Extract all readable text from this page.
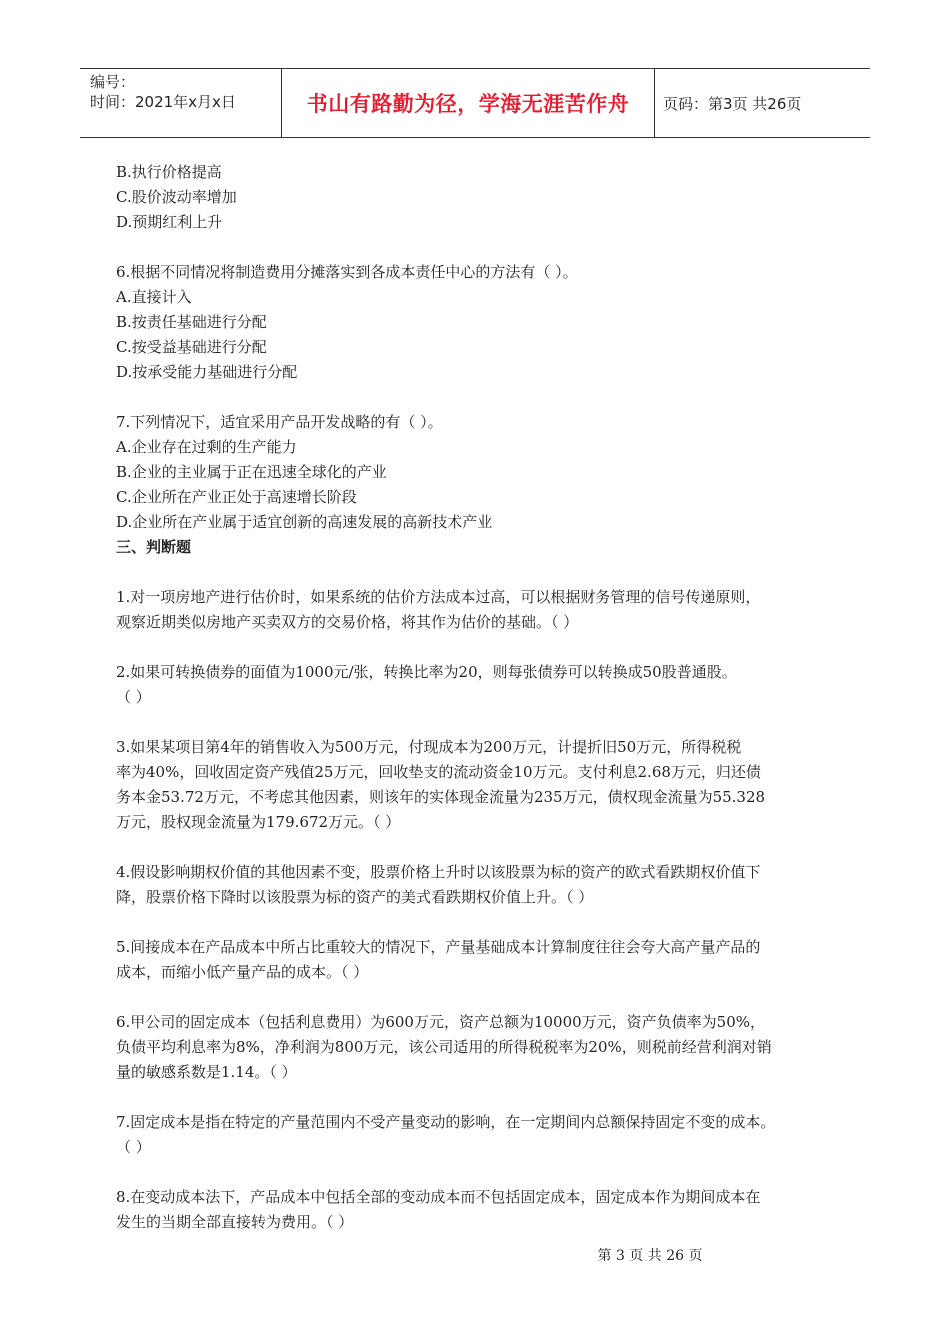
编号：
时间：2021年x月x日	书山有路勤为径，学海无涯苦作舟	页码：第3页 共26页

B.执行价格提高

C.股价波动率增加

D.预期红利上升

6.根据不同情况将制造费用分摊落实到各成本责任中心的方法有（ ）。

A.直接计入

B.按责任基础进行分配

C.按受益基础进行分配

D.按承受能力基础进行分配

7.下列情况下，适宜采用产品开发战略的有（ ）。

A.企业存在过剩的生产能力

B.企业的主业属于正在迅速全球化的产业

C.企业所在产业正处于高速增长阶段

D.企业所在产业属于适宜创新的高速发展的高新技术产业

三、判断题

1.对一项房地产进行估价时，如果系统的估价方法成本过高，可以根据财务管理的信号传递原则，

观察近期类似房地产买卖双方的交易价格，将其作为估价的基础。（ ）

2.如果可转换债券的面值为1000元/张，转换比率为20，则每张债券可以转换成50股普通股。

（ ）

3.如果某项目第4年的销售收入为500万元，付现成本为200万元，计提折旧50万元，所得税税

率为40%，回收固定资产残值25万元，回收垫支的流动资金10万元。支付利息2.68万元，归还债

务本金53.72万元，不考虑其他因素，则该年的实体现金流量为235万元，债权现金流量为55.328

万元，股权现金流量为179.672万元。（ ）

4.假设影响期权价值的其他因素不变，股票价格上升时以该股票为标的资产的欧式看跌期权价值下

降，股票价格下降时以该股票为标的资产的美式看跌期权价值上升。（ ）

5.间接成本在产品成本中所占比重较大的情况下，产量基础成本计算制度往往会夸大高产量产品的

成本，而缩小低产量产品的成本。（ ）

6.甲公司的固定成本（包括利息费用）为600万元，资产总额为10000万元，资产负债率为50%，

负债平均利息率为8%，净利润为800万元，该公司适用的所得税税率为20%，则税前经营利润对销

量的敏感系数是1.14。（ ）

7.固定成本是指在特定的产量范围内不受产量变动的影响，在一定期间内总额保持固定不变的成本。

（ ）

8.在变动成本法下，产品成本中包括全部的变动成本而不包括固定成本，固定成本作为期间成本在

发生的当期全部直接转为费用。（ ）

第 3 页 共 26 页
